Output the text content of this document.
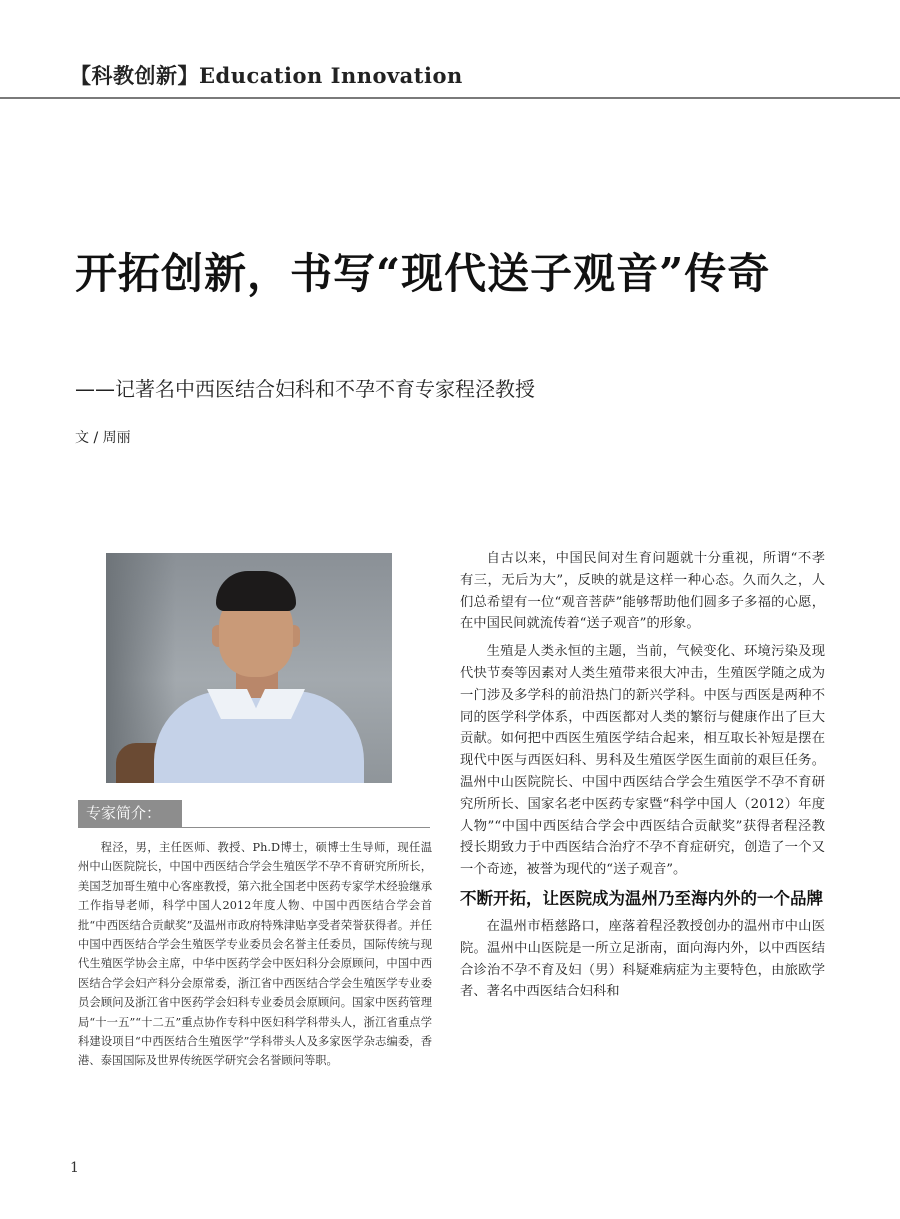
【科教创新】Education Innovation
开拓创新，书写“现代送子观音”传奇
——记著名中西医结合妇科和不孕不育专家程泾教授
文 / 周丽
专家简介：

程泾，男，主任医师、教授、Ph.D博士，硕博士生导师，现任温州中山医院院长，中国中西医结合学会生殖医学不孕不育研究所所长，美国芝加哥生殖中心客座教授，第六批全国老中医药专家学术经验继承工作指导老师，科学中国人2012年度人物、中国中西医结合学会首批“中西医结合贡献奖”及温州市政府特殊津贴享受者荣誉获得者。并任中国中西医结合学会生殖医学专业委员会名誉主任委员，国际传统与现代生殖医学协会主席，中华中医药学会中医妇科分会原顾问，中国中西医结合学会妇产科分会原常委，浙江省中西医结合学会生殖医学专业委员会顾问及浙江省中医药学会妇科专业委员会原顾问。国家中医药管理局“十一五”“十二五”重点协作专科中医妇科学科带头人，浙江省重点学科建设项目“中西医结合生殖医学”学科带头人及多家医学杂志编委，香港、泰国国际及世界传统医学研究会名誉顾问等职。

自古以来，中国民间对生育问题就十分重视，所谓“不孝有三，无后为大”，反映的就是这样一种心态。久而久之，人们总希望有一位“观音菩萨”能够帮助他们圆多子多福的心愿，在中国民间就流传着“送子观音”的形象。

生殖是人类永恒的主题，当前，气候变化、环境污染及现代快节奏等因素对人类生殖带来很大冲击，生殖医学随之成为一门涉及多学科的前沿热门的新兴学科。中医与西医是两种不同的医学科学体系，中西医都对人类的繁衍与健康作出了巨大贡献。如何把中西医生殖医学结合起来，相互取长补短是摆在现代中医与西医妇科、男科及生殖医学医生面前的艰巨任务。温州中山医院院长、中国中西医结合学会生殖医学不孕不育研究所所长、国家名老中医药专家暨“科学中国人（2012）年度人物”“中国中西医结合学会中西医结合贡献奖”获得者程泾教授长期致力于中西医结合治疗不孕不育症研究，创造了一个又一个奇迹，被誉为现代的“送子观音”。

不断开拓，让医院成为温州乃至海内外的一个品牌

在温州市梧慈路口，座落着程泾教授创办的温州市中山医院。温州中山医院是一所立足浙南，面向海内外，以中西医结合诊治不孕不育及妇（男）科疑难病症为主要特色，由旅欧学者、著名中西医结合妇科和

1
